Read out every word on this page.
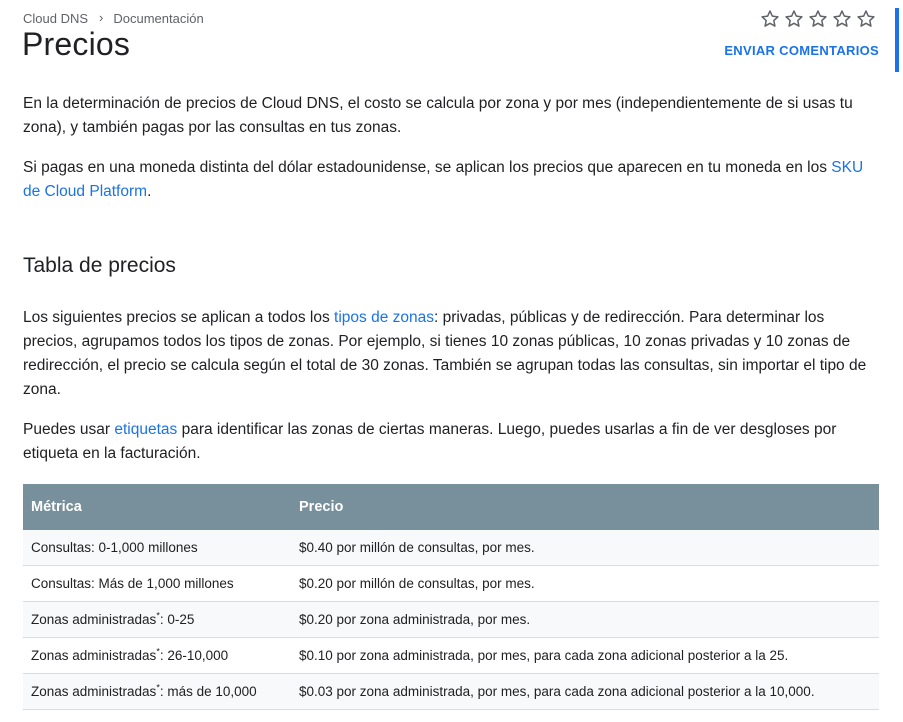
Cloud DNS › Documentación
Precios	ENVIAR COMENTARIOS

En la determinación de precios de Cloud DNS, el costo se calcula por zona y por mes (independientemente de si usas tu zona), y también pagas por las consultas en tus zonas.

Si pagas en una moneda distinta del dólar estadounidense, se aplican los precios que aparecen en tu moneda en los SKU de Cloud Platform.

Tabla de precios

Los siguientes precios se aplican a todos los tipos de zonas: privadas, públicas y de redirección. Para determinar los precios, agrupamos todos los tipos de zonas. Por ejemplo, si tienes 10 zonas públicas, 10 zonas privadas y 10 zonas de redirección, el precio se calcula según el total de 30 zonas. También se agrupan todas las consultas, sin importar el tipo de zona.

Puedes usar etiquetas para identificar las zonas de ciertas maneras. Luego, puedes usarlas a fin de ver desgloses por etiqueta en la facturación.

Métrica	Precio
Consultas: 0-1,000 millones	$0.40 por millón de consultas, por mes.
Consultas: Más de 1,000 millones	$0.20 por millón de consultas, por mes.
Zonas administradas*: 0-25	$0.20 por zona administrada, por mes.
Zonas administradas*: 26-10,000	$0.10 por zona administrada, por mes, para cada zona adicional posterior a la 25.
Zonas administradas*: más de 10,000	$0.03 por zona administrada, por mes, para cada zona adicional posterior a la 10,000.
